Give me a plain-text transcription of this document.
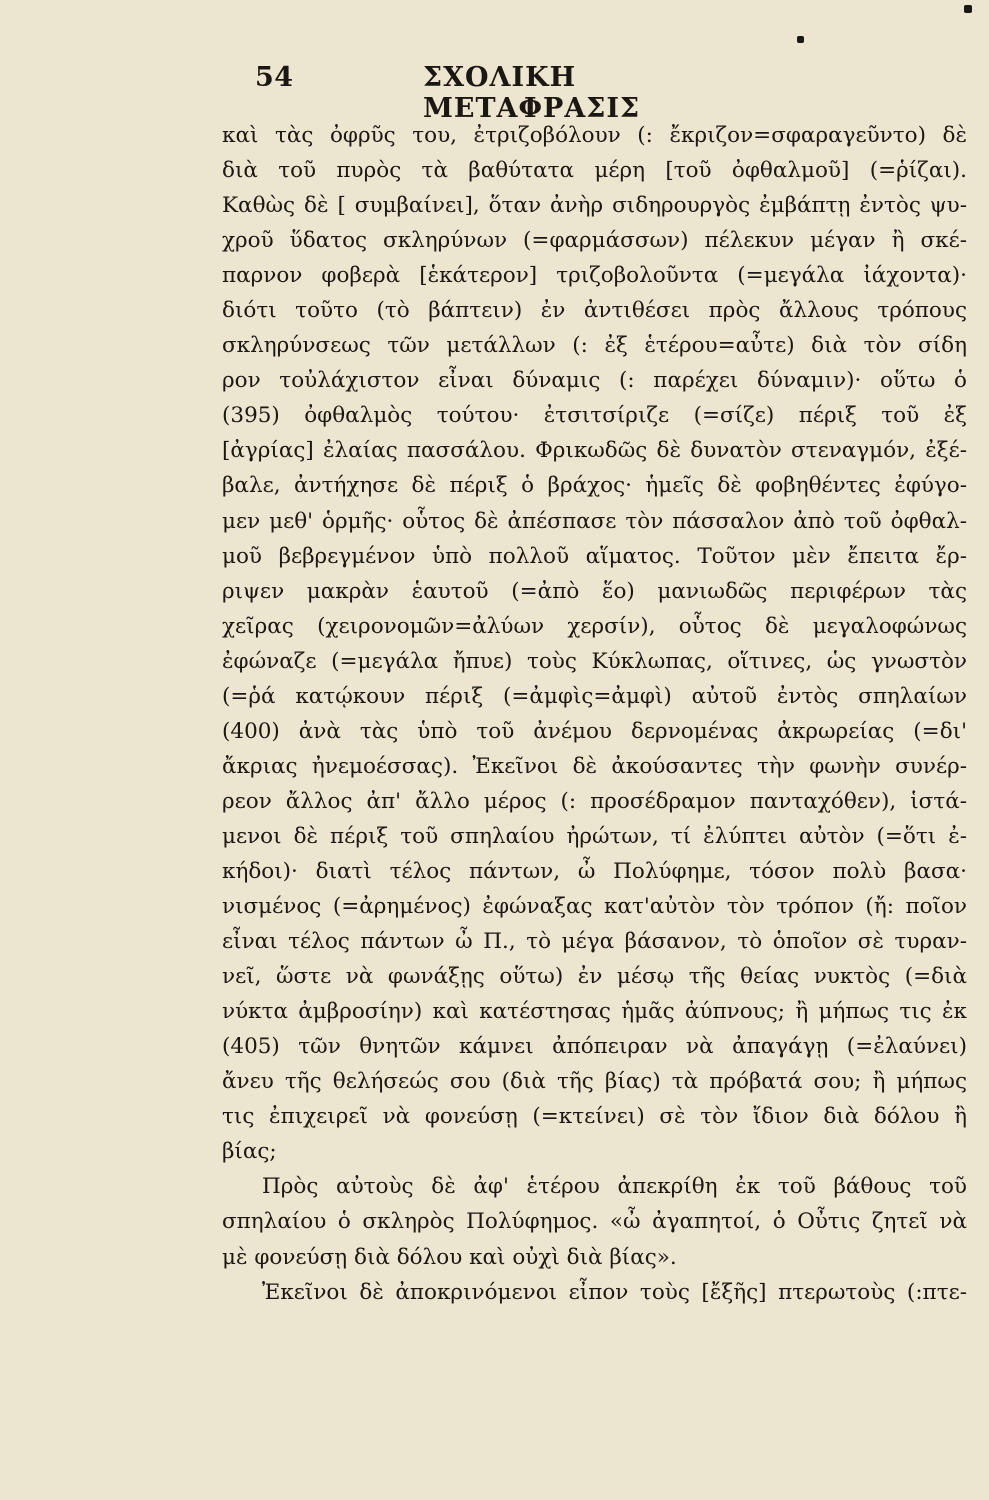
54	ΣΧΟΛΙΚΗ ΜΕΤΑΦΡΑΣΙΣ
καὶ τὰς ὀφρῦς του, ἐτριζοβόλουν (: ἔκριζον=σφαραγεῦντο) δὲ
διὰ τοῦ πυρὸς τὰ βαθύτατα μέρη [τοῦ ὀφθαλμοῦ] (=ῥίζαι).
Καθὼς δὲ [ συμβαίνει], ὅταν ἀνὴρ σιδηρουργὸς ἐμβάπτῃ ἐντὸς ψυ-
χροῦ ὕδατος σκληρύνων (=φαρμάσσων) πέλεκυν μέγαν ἢ σκέ-
παρνον φοβερὰ [ἑκάτερον] τριζοβολοῦντα (=μεγάλα ἰάχοντα)·
διότι τοῦτο (τὸ βάπτειν) ἐν ἀντιθέσει πρὸς ἄλλους τρόπους
σκληρύνσεως τῶν μετάλλων (: ἐξ ἑτέρου=αὖτε) διὰ τὸν σίδη
ρον τοὐλάχιστον εἶναι δύναμις (: παρέχει δύναμιν)· οὕτω ὁ
(395) ὀφθαλμὸς τούτου· ἐτσιτσίριζε (=σίζε) πέριξ τοῦ ἐξ
[ἀγρίας] ἐλαίας πασσάλου. Φρικωδῶς δὲ δυνατὸν στεναγμόν, ἐξέ-
βαλε, ἀντήχησε δὲ πέριξ ὁ βράχος· ἡμεῖς δὲ φοβηθέντες ἐφύγο-
μεν μεθ' ὁρμῆς· οὗτος δὲ ἀπέσπασε τὸν πάσσαλον ἀπὸ τοῦ ὀφθαλ-
μοῦ βεβρεγμένον ὑπὸ πολλοῦ αἵματος. Τοῦτον μὲν ἔπειτα ἔρ-
ριψεν μακρὰν ἑαυτοῦ (=ἀπὸ ἕο) μανιωδῶς περιφέρων τὰς
χεῖρας (χειρονομῶν=ἀλύων χερσίν), οὗτος δὲ μεγαλοφώνως
ἐφώναζε (=μεγάλα ἤπυε) τοὺς Κύκλωπας, οἵτινες, ὡς γνωστὸν
(=ῥά κατῴκουν πέριξ (=ἀμφὶς=ἀμφὶ) αὐτοῦ ἐντὸς σπηλαίων
(400) ἀνὰ τὰς ὑπὸ τοῦ ἀνέμου δερνομένας ἀκρωρείας (=δι'
ἄκριας ἠνεμοέσσας). Ἐκεῖνοι δὲ ἀκούσαντες τὴν φωνὴν συνέρ-
ρεον ἄλλος ἀπ' ἄλλο μέρος (: προσέδραμον πανταχόθεν), ἱστά-
μενοι δὲ πέριξ τοῦ σπηλαίου ἠρώτων, τί ἐλύπτει αὐτὸν (=ὅτι ἐ-
κήδοι)· διατὶ τέλος πάντων, ὦ Πολύφημε, τόσον πολὺ βασα·
νισμένος (=ἀρημένος) ἐφώναξας κατ'αὐτὸν τὸν τρόπον (ἤ: ποῖον
εἶναι τέλος πάντων ὦ Π., τὸ μέγα βάσανον, τὸ ὁποῖον σὲ τυραν-
νεῖ, ὥστε νὰ φωνάξῃς οὕτω) ἐν μέσῳ τῆς θείας νυκτὸς (=διὰ
νύκτα ἀμβροσίην) καὶ κατέστησας ἡμᾶς ἀύπνους; ἢ μήπως τις ἐκ
(405) τῶν θνητῶν κάμνει ἀπόπειραν νὰ ἀπαγάγῃ (=ἐλαύνει)
ἄνευ τῆς θελήσεώς σου (διὰ τῆς βίας) τὰ πρόβατά σου; ἢ μήπως
τις ἐπιχειρεῖ νὰ φονεύσῃ (=κτείνει) σὲ τὸν ἴδιον διὰ δόλου ἢ
βίας;
Πρὸς αὐτοὺς δὲ ἀφ' ἑτέρου ἀπεκρίθη ἐκ τοῦ βάθους τοῦ
σπηλαίου ὁ σκληρὸς Πολύφημος. «ὦ ἀγαπητοί, ὁ Οὖτις ζητεῖ νὰ
μὲ φονεύσῃ διὰ δόλου καὶ οὐχὶ διὰ βίας».
Ἐκεῖνοι δὲ ἀποκρινόμενοι εἶπον τοὺς [ἔξῆς] πτερωτοὺς (:πτε-
